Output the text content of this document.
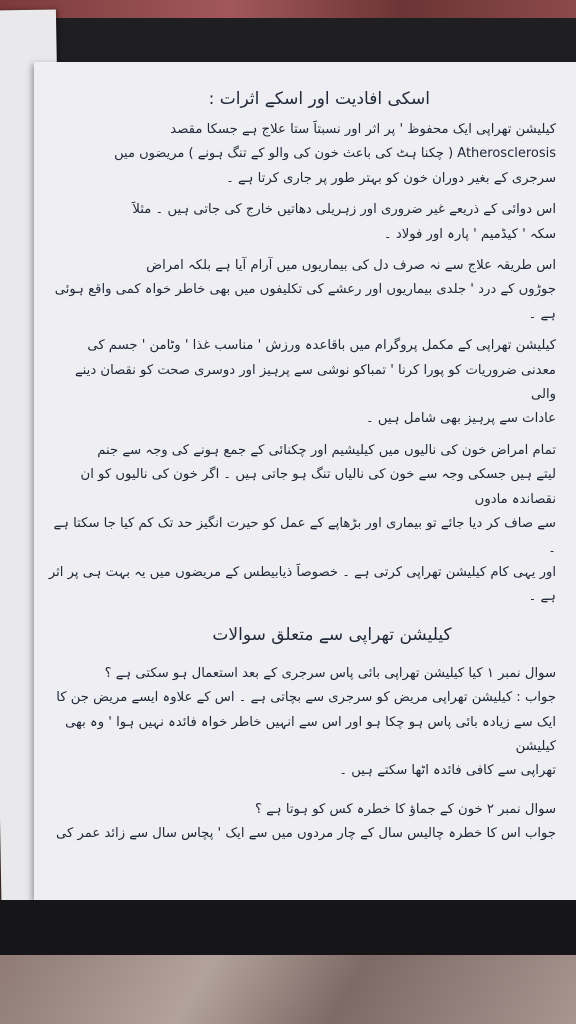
اسکی افادیت اور اسکے اثرات :

کیلیشن تھراپی ایک محفوظ ' پر اثر اور نسبتاََ ستا علاج ہے جسکا مقصد

Atherosclerosis ( چکنا ہٹ کی باعث خون کی والو کے تنگ ہونے ) مریضوں میں

سرجری کے بغیر دوران خون کو بہتر طور پر جاری کرتا ہے ۔

اس دوائی کے ذریعے غیر ضروری اور زہریلی دھاتیں خارج کی جاتی ہیں ۔ مثلاََ

سکہ ' کیڈمیم ' پارہ اور فولاد ۔

اس طریقہ علاج سے نہ صرف دل کی بیماریوں میں آرام آیا ہے بلکہ امراض

جوڑوں کے درد ' جلدی بیماریوں اور رعشے کی تکلیفوں میں بھی خاطر خواہ کمی واقع ہوئی ہے ۔

کیلیشن تھراپی کے مکمل پروگرام میں باقاعدہ ورزش ' مناسب غذا ' وٹامن ' جسم کی

معدنی ضروریات کو پورا کرنا ' تمباکو نوشی سے پرہیز اور دوسری صحت کو نقصان دینے والی

عادات سے پرہیز بھی شامل ہیں ۔

تمام امراض خون کی نالیوں میں کیلیشیم اور چکنائی کے جمع ہونے کی وجہ سے جنم

لیتے ہیں جسکی وجہ سے خون کی نالیاں تنگ ہو جاتی ہیں ۔ اگر خون کی نالیوں کو ان نقصاندہ مادوں

سے صاف کر دیا جائے تو بیماری اور بڑھاپے کے عمل کو حیرت انگیز حد تک کم کیا جا سکتا ہے ۔

اور یہی کام کیلیشن تھراپی کرتی ہے ۔ خصوصاََ ذیابیطس کے مریضوں میں یہ بہت ہی پر اثر ہے ۔

کیلیشن تھراپی سے متعلق سوالات

سوال نمبر ۱ کیا کیلیشن تھراپی بائی پاس سرجری کے بعد استعمال ہو سکتی ہے ؟

جواب : کیلیشن تھراپی مریض کو سرجری سے بچاتی ہے ۔ اس کے علاوہ ایسے مریض جن کا

ایک سے زیادہ بائی پاس ہو چکا ہو اور اس سے انہیں خاطر خواہ فائدہ نہیں ہوا ' وہ بھی کیلیشن

تھراپی سے کافی فائدہ اٹھا سکتے ہیں ۔

سوال نمبر ۲ خون کے جماؤ کا خطرہ کس کو ہوتا ہے ؟

جواب اس کا خطرہ چالیس سال کے چار مردوں میں سے ایک ' پچاس سال سے زائد عمر کی
